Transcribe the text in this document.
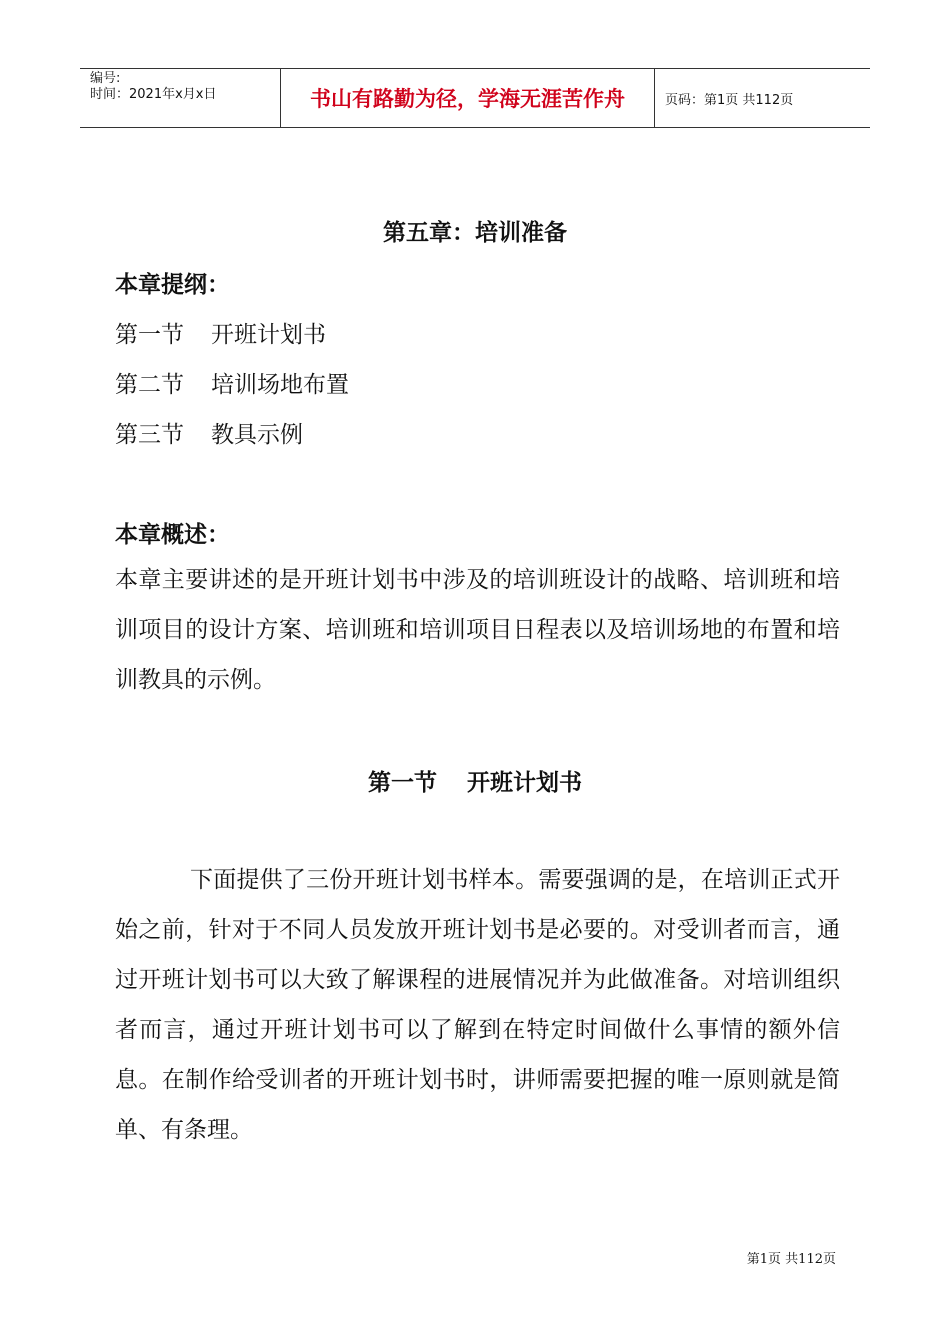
编号:
时间：2021年x月x日	书山有路勤为径，学海无涯苦作舟	页码：第1页 共112页
第五章：培训准备
本章提纲：
第一节 开班计划书
第二节 培训场地布置
第三节 教具示例
本章概述：

本章主要讲述的是开班计划书中涉及的培训班设计的战略、培训班和培训项目的设计方案、培训班和培训项目日程表以及培训场地的布置和培训教具的示例。

第一节 开班计划书

下面提供了三份开班计划书样本。需要强调的是，在培训正式开始之前，针对于不同人员发放开班计划书是必要的。对受训者而言，通过开班计划书可以大致了解课程的进展情况并为此做准备。对培训组织者而言，通过开班计划书可以了解到在特定时间做什么事情的额外信息。在制作给受训者的开班计划书时，讲师需要把握的唯一原则就是简单、有条理。

第1页 共112页
